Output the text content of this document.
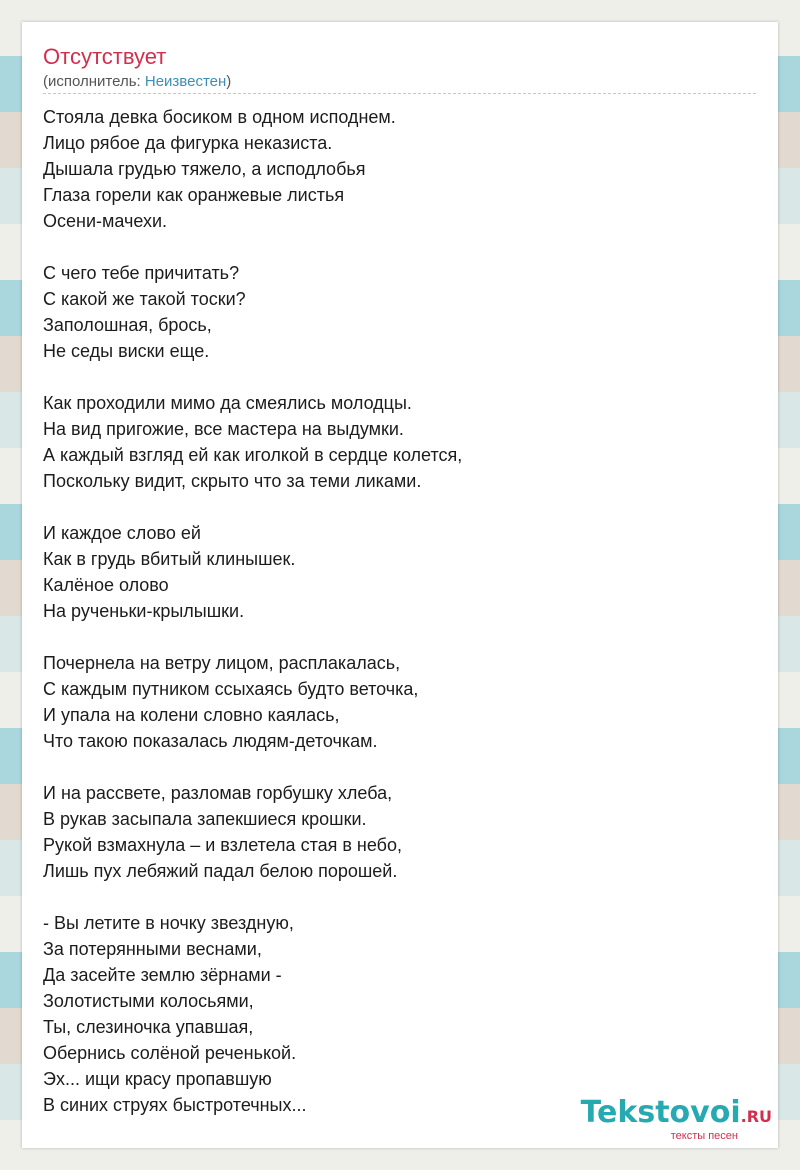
Отсутствует
(исполнитель: Неизвестен)
Стояла девка босиком в одном исподнем.
Лицо рябое да фигурка неказиста.
Дышала грудью тяжело, а исподлобья
Глаза горели как оранжевые листья
Осени-мачехи.
С чего тебе причитать?
С какой же такой тоски?
Заполошная, брось,
Не седы виски еще.
Как проходили мимо да смеялись молодцы.
На вид пригожие, все мастера на выдумки.
А каждый взгляд ей как иголкой в сердце колется,
Поскольку видит, скрыто что за теми ликами.
И каждое слово ей
Как в грудь вбитый клинышек.
Калёное олово
На рученьки-крылышки.
Почернела на ветру лицом, расплакалась,
С каждым путником ссыхаясь будто веточка,
И упала на колени словно каялась,
Что такою показалась людям-деточкам.
И на рассвете, разломав горбушку хлеба,
В рукав засыпала запекшиеся крошки.
Рукой взмахнула – и взлетела стая в небо,
Лишь пух лебяжий падал белою порошей.
- Вы летите в ночку звездную,
За потерянными веснами,
Да засейте землю зёрнами -
Золотистыми колосьями,
Ты, слезиночка упавшая,
Обернись солёной реченькой.
Эх... ищи красу пропавшую
В синих струях быстротечных...	Tekstovoi.RU
тексты песен
